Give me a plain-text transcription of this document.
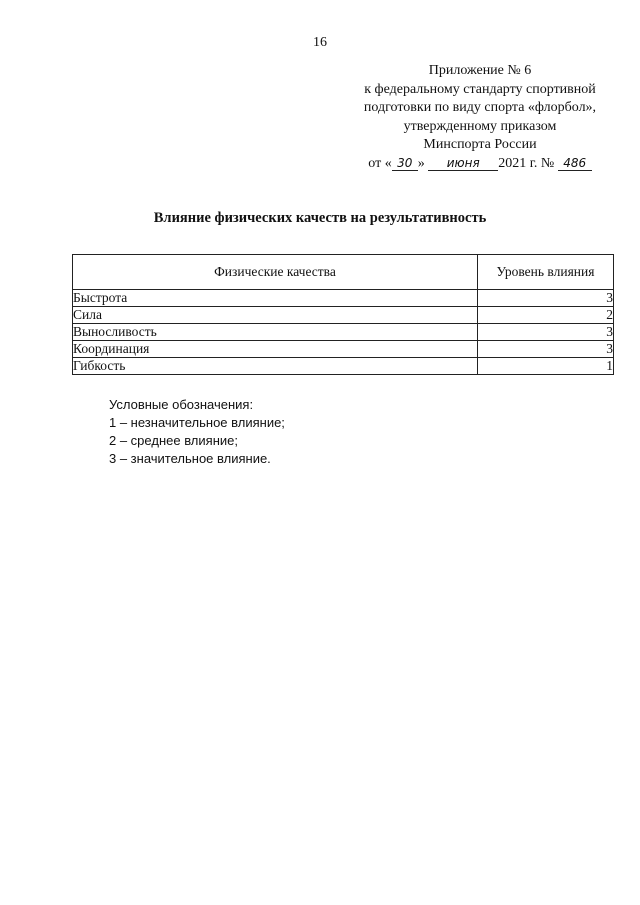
16
Приложение № 6
к федеральному стандарту спортивной
подготовки по виду спорта «флорбол»,
утвержденному приказом
Минспорта России
от « 30 » июня 2021 г. № 486
Влияние физических качеств на результативность
Физические качества	Уровень влияния
Быстрота	3
Сила	2
Выносливость	3
Координация	3
Гибкость	1
Условные обозначения:
1 – незначительное влияние;
2 – среднее влияние;
3 – значительное влияние.
